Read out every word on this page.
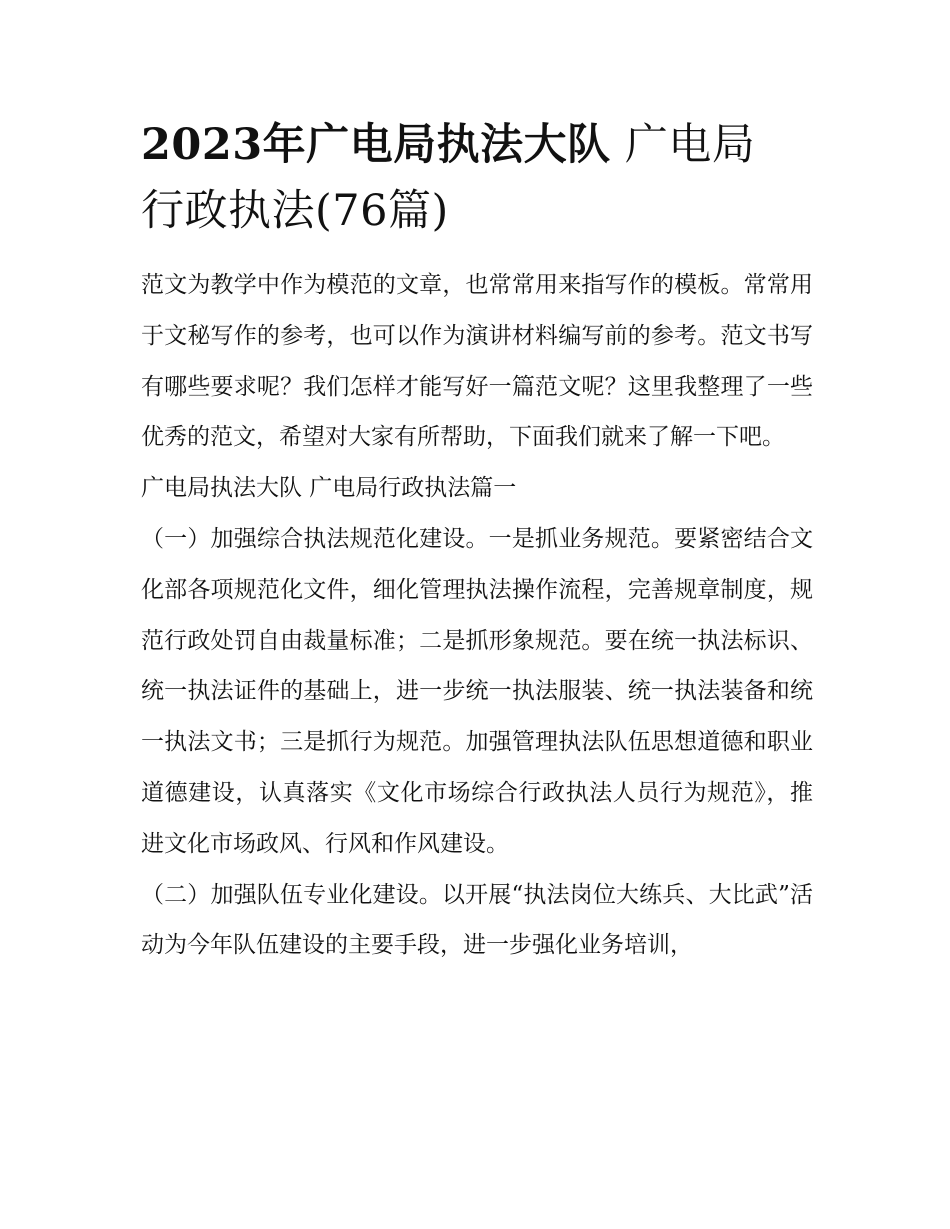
2023年广电局执法大队 广电局行政执法(76篇)

范文为教学中作为模范的文章，也常常用来指写作的模板。常常用于文秘写作的参考，也可以作为演讲材料编写前的参考。范文书写有哪些要求呢？我们怎样才能写好一篇范文呢？这里我整理了一些优秀的范文，希望对大家有所帮助，下面我们就来了解一下吧。

广电局执法大队 广电局行政执法篇一

（一）加强综合执法规范化建设。一是抓业务规范。要紧密结合文化部各项规范化文件，细化管理执法操作流程，完善规章制度，规范行政处罚自由裁量标准；二是抓形象规范。要在统一执法标识、统一执法证件的基础上，进一步统一执法服装、统一执法装备和统一执法文书；三是抓行为规范。加强管理执法队伍思想道德和职业道德建设，认真落实《文化市场综合行政执法人员行为规范》，推进文化市场政风、行风和作风建设。

（二）加强队伍专业化建设。以开展“执法岗位大练兵、大比武”活动为今年队伍建设的主要手段，进一步强化业务培训，
